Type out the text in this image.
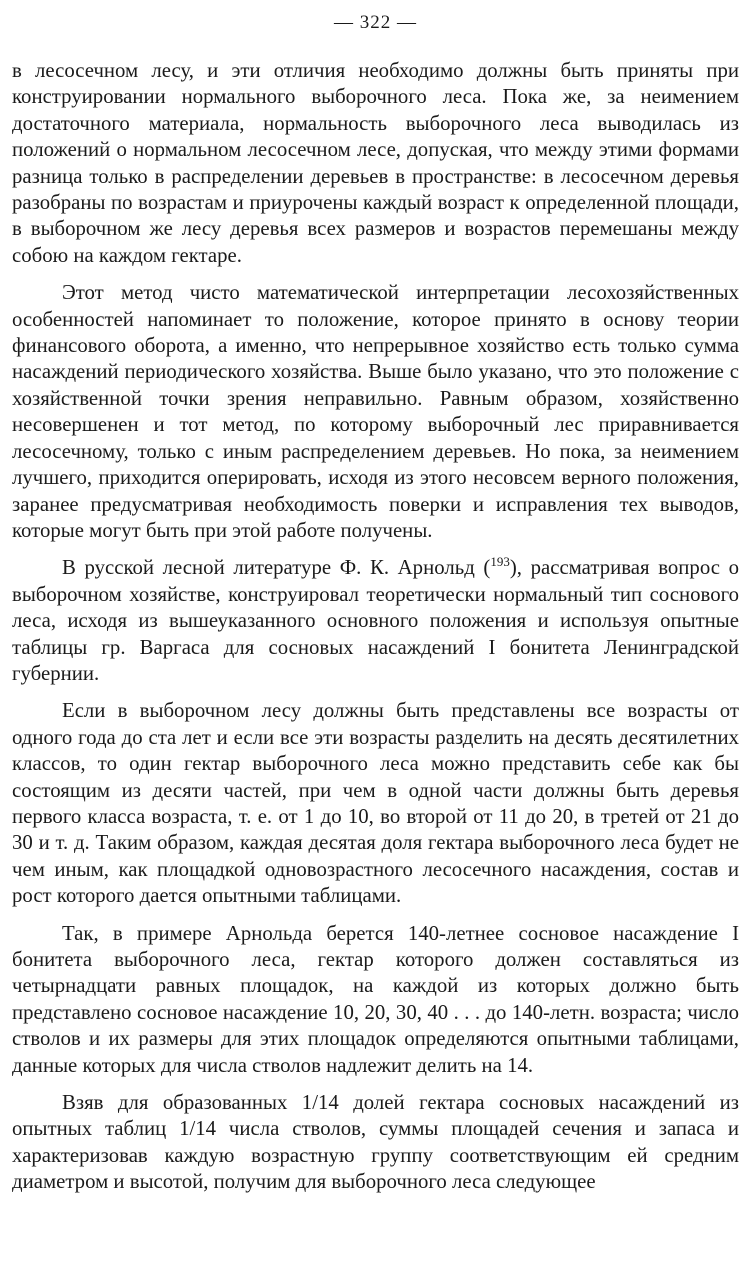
— 322 —

в лесосечном лесу, и эти отличия необходимо должны быть приняты при конструировании нормального выборочного леса. Пока же, за неимением достаточного материала, нормальность выборочного леса выводилась из положений о нормальном лесосечном лесе, допуская, что между этими формами разница только в распределении деревьев в пространстве: в лесосечном деревья разобраны по возрастам и приурочены каждый возраст к определенной площади, в выборочном же лесу деревья всех размеров и возрастов перемешаны между собою на каждом гектаре.

Этот метод чисто математической интерпретации лесохозяйственных особенностей напоминает то положение, которое принято в основу теории финансового оборота, а именно, что непрерывное хозяйство есть только сумма насаждений периодического хозяйства. Выше было указано, что это положение с хозяйственной точки зрения неправильно. Равным образом, хозяйственно несовершенен и тот метод, по которому выборочный лес приравнивается лесосечному, только с иным распределением деревьев. Но пока, за неимением лучшего, приходится оперировать, исходя из этого несовсем верного положения, заранее предусматривая необходимость поверки и исправления тех выводов, которые могут быть при этой работе получены.

В русской лесной литературе Ф. К. Арнольд ($^{193}$), рассматривая вопрос о выборочном хозяйстве, конструировал теоретически нормальный тип соснового леса, исходя из вышеуказанного основного положения и используя опытные таблицы гр. Варгаса для сосновых насаждений I бонитета Ленинградской губернии.

Если в выборочном лесу должны быть представлены все возрасты от одного года до ста лет и если все эти возрасты разделить на десять десятилетних классов, то один гектар выборочного леса можно представить себе как бы состоящим из десяти частей, при чем в одной части должны быть деревья первого класса возраста, т. е. от 1 до 10, во второй от 11 до 20, в третей от 21 до 30 и т. д. Таким образом, каждая десятая доля гектара выборочного леса будет не чем иным, как площадкой одновозрастного лесосечного насаждения, состав и рост которого дается опытными таблицами.

Так, в примере Арнольда берется 140-летнее сосновое насаждение I бонитета выборочного леса, гектар которого должен составляться из четырнадцати равных площадок, на каждой из которых должно быть представлено сосновое насаждение 10, 20, 30, 40 . . . до 140-летн. возраста; число стволов и их размеры для этих площадок определяются опытными таблицами, данные которых для числа стволов надлежит делить на 14.

Взяв для образованных 1/14 долей гектара сосновых насаждений из опытных таблиц 1/14 числа стволов, суммы площадей сечения и запаса и характеризовав каждую возрастную группу соответствующим ей средним диаметром и высотой, получим для выборочного леса следующее
